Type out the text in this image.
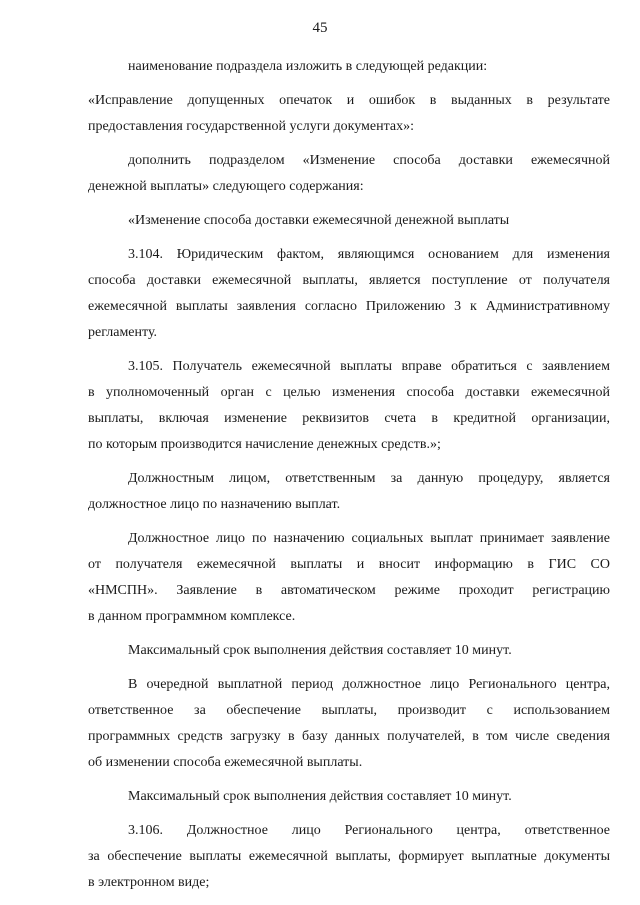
45
наименование подраздела изложить в следующей редакции:
«Исправление допущенных опечаток и ошибок в выданных в результате
предоставления государственной услуги документах»:
дополнить подразделом «Изменение способа доставки ежемесячной
денежной выплаты» следующего содержания:
«Изменение способа доставки ежемесячной денежной выплаты
3.104. Юридическим фактом, являющимся основанием для изменения
способа доставки ежемесячной выплаты, является поступление от получателя
ежемесячной выплаты заявления согласно Приложению 3 к Административному
регламенту.
3.105. Получатель ежемесячной выплаты вправе обратиться с заявлением
в уполномоченный орган с целью изменения способа доставки ежемесячной
выплаты, включая изменение реквизитов счета в кредитной организации,
по которым производится начисление денежных средств.»;
Должностным лицом, ответственным за данную процедуру, является
должностное лицо по назначению выплат.
Должностное лицо по назначению социальных выплат принимает заявление
от получателя ежемесячной выплаты и вносит информацию в ГИС СО
«НМСПН». Заявление в автоматическом режиме проходит регистрацию
в данном программном комплексе.
Максимальный срок выполнения действия составляет 10 минут.
В очередной выплатной период должностное лицо Регионального центра,
ответственное за обеспечение выплаты, производит с использованием
программных средств загрузку в базу данных получателей, в том числе сведения
об изменении способа ежемесячной выплаты.
Максимальный срок выполнения действия составляет 10 минут.
3.106. Должностное лицо Регионального центра, ответственное
за обеспечение выплаты ежемесячной выплаты, формирует выплатные документы
в электронном виде;
